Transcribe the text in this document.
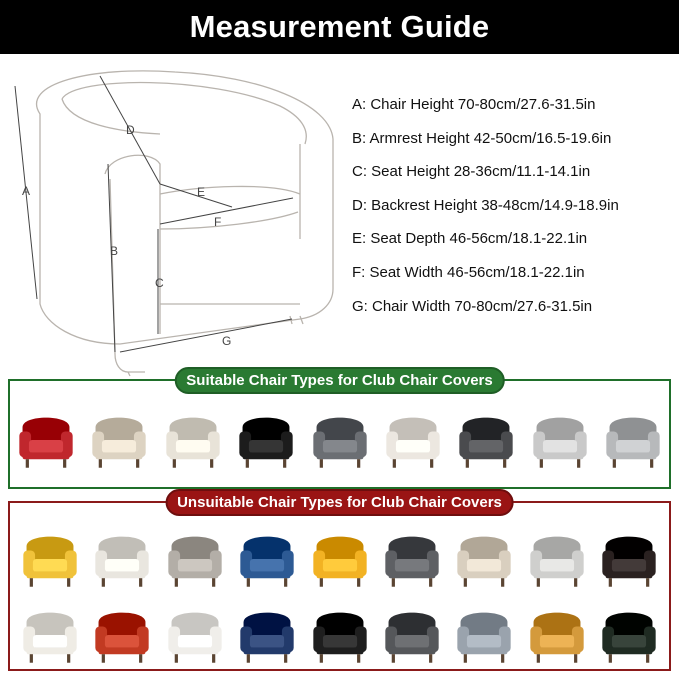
Measurement Guide
A
B
C
D
E
F
G
A: Chair Height 70-80cm/27.6-31.5in
B: Armrest Height 42-50cm/16.5-19.6in
C: Seat Height 28-36cm/11.1-14.1in
D: Backrest Height 38-48cm/14.9-18.9in
E: Seat Depth 46-56cm/18.1-22.1in
F: Seat Width 46-56cm/18.1-22.1in
G: Chair Width 70-80cm/27.6-31.5in
Suitable Chair Types for Club Chair Covers
Unsuitable Chair Types for Club Chair Covers
